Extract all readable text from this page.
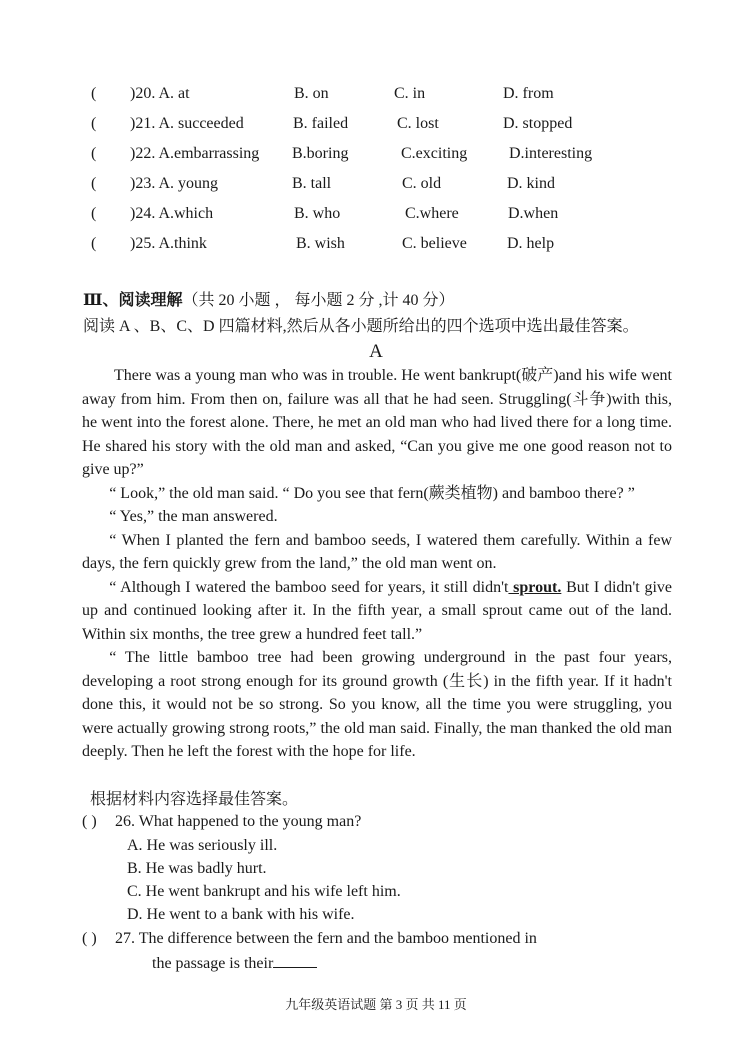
( )20. A. at	B. on	C. in	D. from
( )21. A. succeeded	B. failed	C. lost	D. stopped
( )22. A.embarrassing B.boring	C.exciting	D.interesting
( )23. A. young	B. tall	C. old	D. kind
( )24. A.which	B. who	C.where	D.when
( )25. A.think	B. wish	C. believe	D. help
Ⅲ、阅读理解（共 20 小题 ， 每小题 2 分 ,计 40 分）
阅读 A 、B、C、D 四篇材料,然后从各小题所给出的四个选项中选出最佳答案。
A

There was a young man who was in trouble. He went bankrupt(破产)and his wife went away from him. From then on, failure was all that he had seen. Struggling(斗争)with this, he went into the forest alone. There, he met an old man who had lived there for a long time. He shared his story with the old man and asked, “Can you give me one good reason not to give up?”

“ Look,” the old man said. “ Do you see that fern(蕨类植物) and bamboo there? ”

“ Yes,” the man answered.

“ When I planted the fern and bamboo seeds, I watered them carefully. Within a few days, the fern quickly grew from the land,” the old man went on.

“ Although I watered the bamboo seed for years, it still didn't sprout. But I didn't give up and continued looking after it. In the fifth year, a small sprout came out of the land. Within six months, the tree grew a hundred feet tall.”

“ The little bamboo tree had been growing underground in the past four years, developing a root strong enough for its ground growth (生长) in the fifth year. If it hadn't done this, it would not be so strong. So you know, all the time you were struggling, you were actually growing strong roots,” the old man said. Finally, the man thanked the old man deeply. Then he left the forest with the hope for life.

根据材料内容选择最佳答案。
( ) 26. What happened to the young man?
A. He was seriously ill.
B. He was badly hurt.
C. He went bankrupt and his wife left him.
D. He went to a bank with his wife.
( ) 27. The difference between the fern and the bamboo mentioned in
the passage is their
九年级英语试题 第 3 页 共 11 页
